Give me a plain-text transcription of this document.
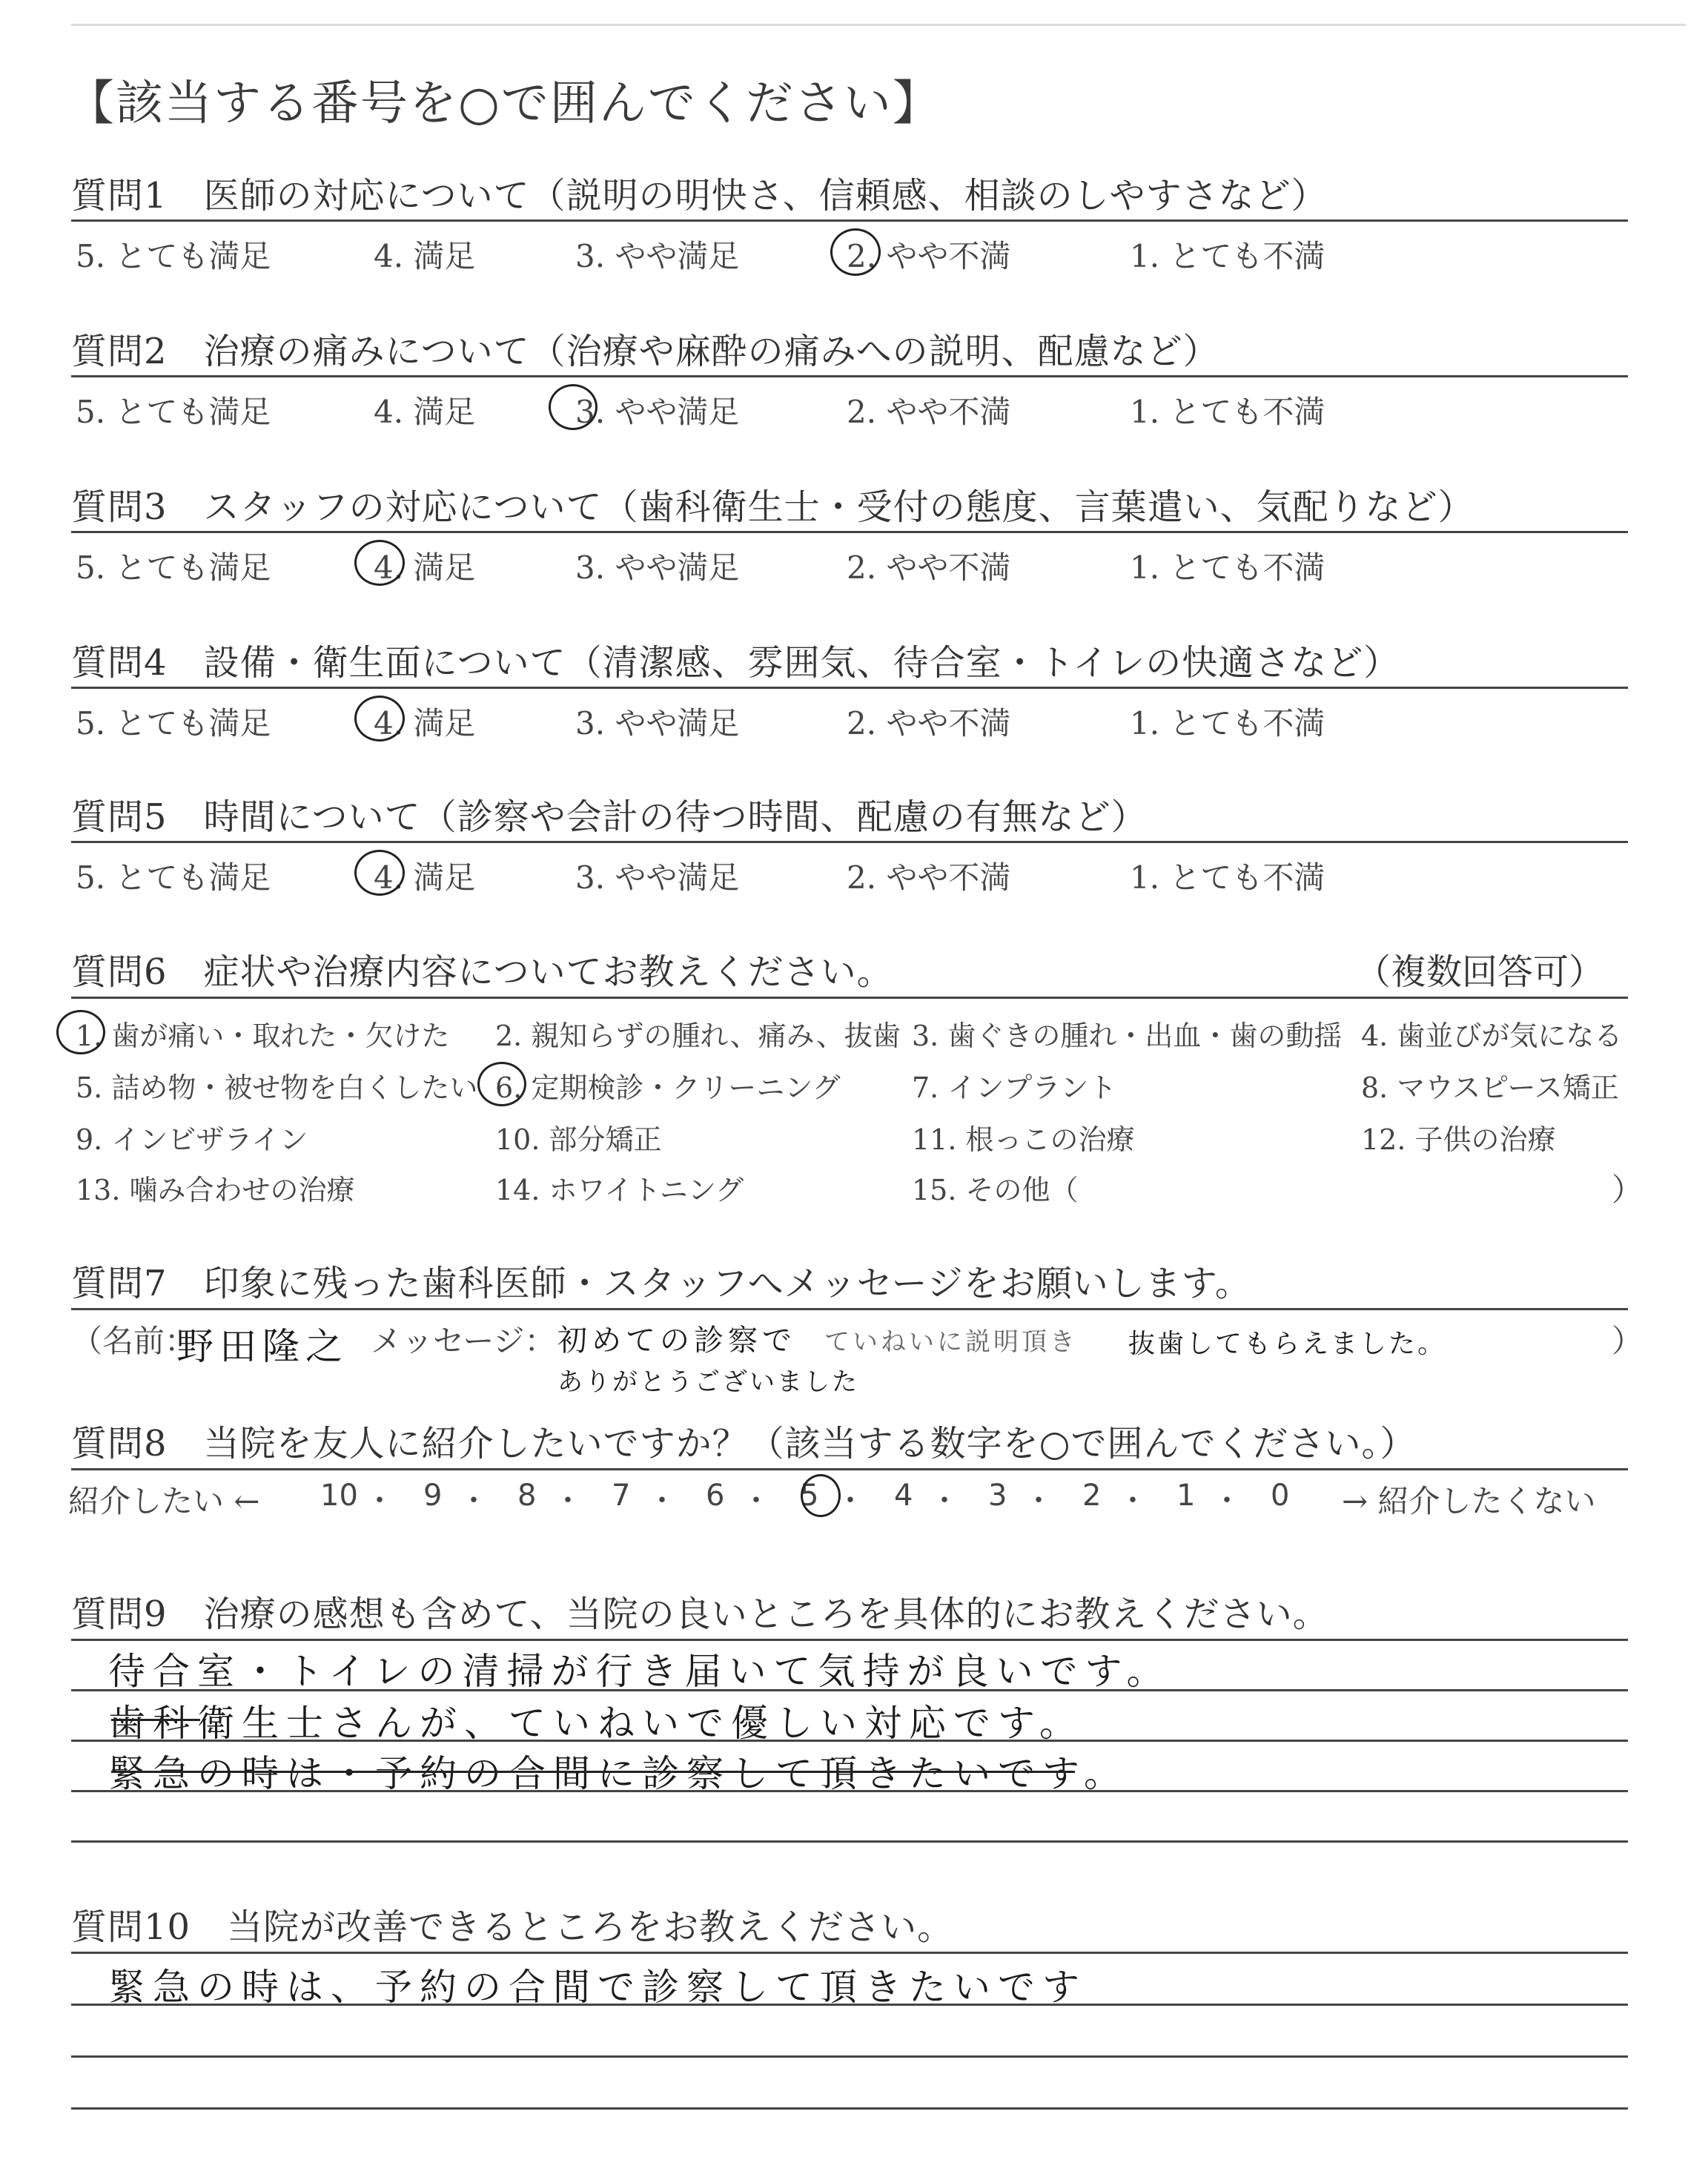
【該当する番号を○で囲んでください】
質問1　 医師の対応について（説明の明快さ、信頼感、相談のしやすさなど）
5. とても満足	4. 満足	3. やや満足	2. やや不満	1. とても不満
質問2　 治療の痛みについて（治療や麻酔の痛みへの説明、配慮など）
5. とても満足	4. 満足	3. やや満足	2. やや不満	1. とても不満
質問3　 スタッフの対応について（歯科衛生士・受付の態度、言葉遣い、気配りなど）
5. とても満足	4. 満足	3. やや満足	2. やや不満	1. とても不満
質問4　 設備・衛生面について（清潔感、雰囲気、待合室・トイレの快適さなど）
5. とても満足	4. 満足	3. やや満足	2. やや不満	1. とても不満
質問5　 時間について（診察や会計の待つ時間、配慮の有無など）
5. とても満足	4. 満足	3. やや満足	2. やや不満	1. とても不満
質問6　 症状や治療内容についてお教えください。	（複数回答可）
1. 歯が痛い・取れた・欠けた 2. 親知らずの腫れ、痛み、抜歯 3. 歯ぐきの腫れ・出血・歯の動揺 4. 歯並びが気になる
5. 詰め物・被せ物を白くしたい 6. 定期検診・クリーニング	7. インプラント	8. マウスピース矯正
9. インビザライン	10. 部分矯正	11. 根っこの治療	12. 子供の治療
13. 噛み合わせの治療	14. ホワイトニング	15. その他（	）
質問7　 印象に残った歯科医師・スタッフへメッセージをお願いします。
（名前：
野田隆之 メッセージ： 初めての診察で ていねいに説明頂き 抜歯してもらえました。
ありがとうございました
）
質問8　 当院を友人に紹介したいですか？（該当する数字を○で囲んでください。）
紹介したい ← 10 ・ 9 ・ 8 ・ 7 ・ 6 ・ 5 ・ 4 ・ 3 ・ 2 ・ 1 ・ 0 → 紹介したくない
質問9　 治療の感想も含めて、当院の良いところを具体的にお教えください。
待合室・トイレの清掃が行き届いて気持が良いです。
歯科衛生士さんが、ていねいで優しい対応です。
緊急の時は・予約の合間に診察して頂きたいです。
質問10　 当院が改善できるところをお教えください。
緊急の時は、予約の合間で診察して頂きたいです
